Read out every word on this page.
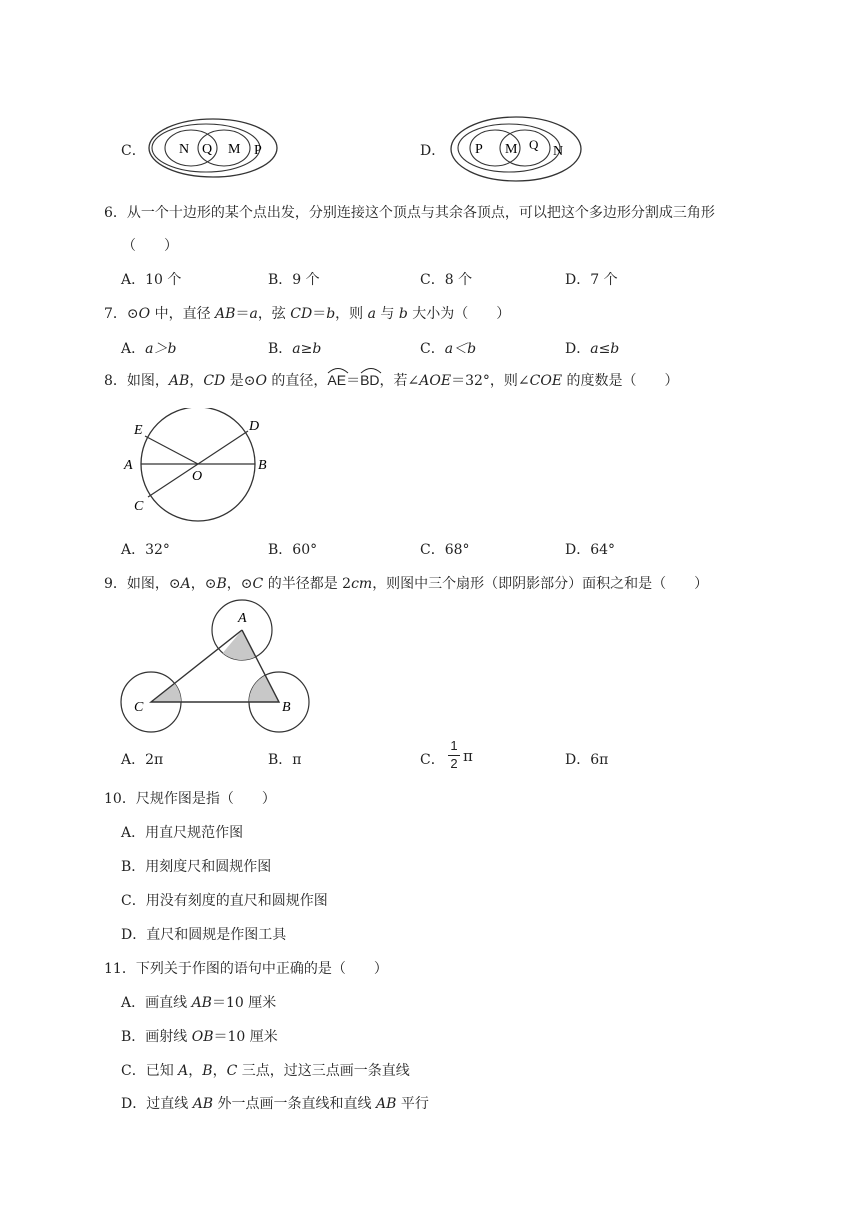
C． N Q M P	D． P M Q N
6．从一个十边形的某个点出发，分别连接这个顶点与其余各顶点，可以把这个多边形分割成三角形
（　　）
A．10 个	B．9 个	C．8 个	D．7 个
7．⊙O 中，直径 AB＝a，弦 CD＝b，则 a 与 b 大小为（　　）
A．a＞b	B．a≥b	C．a＜b	D．a≤b
8．如图，AB，CD 是⊙O 的直径，
AE＝
BD，若∠AOE＝32°，则∠COE 的度数是（　　）
E	D
A
O
B
C
A．32°	B．60°	C．68°	D．64°
9．如图，⊙A，⊙B，⊙C 的半径都是 2cm，则图中三个扇形（即阴影部分）面积之和是（　　）
A
C	B
A．2π	B．π	C．
1
2 π	D．6π
10．尺规作图是指（　　）
A．用直尺规范作图
B．用刻度尺和圆规作图
C．用没有刻度的直尺和圆规作图
D．直尺和圆规是作图工具
11．下列关于作图的语句中正确的是（　　）
A．画直线 AB＝10 厘米
B．画射线 OB＝10 厘米
C．已知 A，B，C 三点，过这三点画一条直线
D．过直线 AB 外一点画一条直线和直线 AB 平行
